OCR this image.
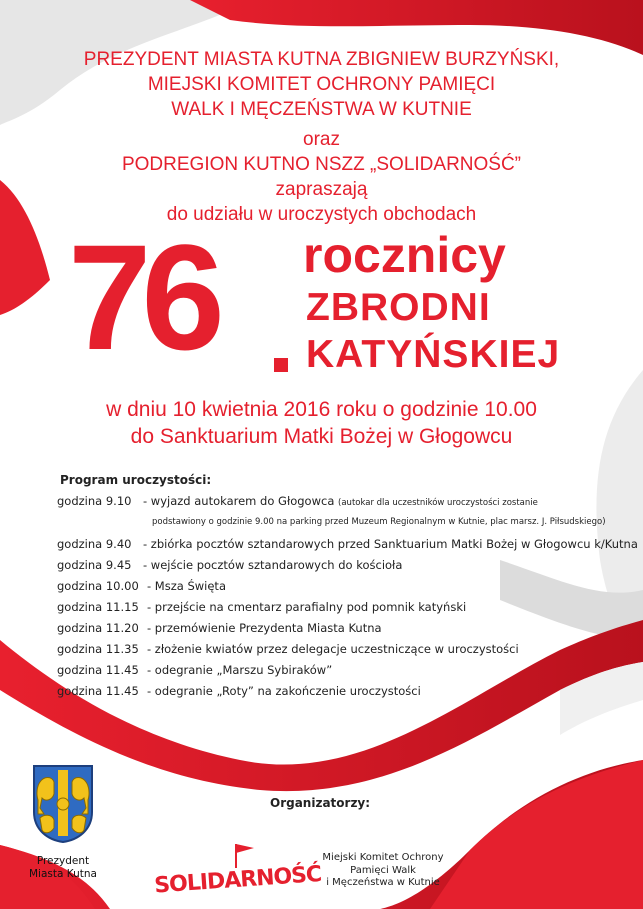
PREZYDENT MIASTA KUTNA ZBIGNIEW BURZYŃSKI,
MIEJSKI KOMITET OCHRONY PAMIĘCI
WALK I MĘCZEŃSTWA W KUTNIE
oraz
PODREGION KUTNO NSZZ „SOLIDARNOŚĆ”
zapraszają
do udziału w uroczystych obchodach
76 rocznicy
ZBRODNI
KATYŃSKIEJ
w dniu 10 kwietnia 2016 roku o godzinie 10.00
do Sanktuarium Matki Bożej w Głogowcu
Program uroczystości:
godzina 9.10 - wyjazd autokarem do Głogowca (autokar dla uczestników uroczystości zostanie
podstawiony o godzinie 9.00 na parking przed Muzeum Regionalnym w Kutnie, plac marsz. J. Piłsudskiego)
godzina 9.40 - zbiórka pocztów sztandarowych przed Sanktuarium Matki Bożej w Głogowcu k/Kutna
godzina 9.45 - wejście pocztów sztandarowych do kościoła
godzina 10.00 - Msza Święta
godzina 11.15 - przejście na cmentarz parafialny pod pomnik katyński
godzina 11.20 - przemówienie Prezydenta Miasta Kutna
godzina 11.35 - złożenie kwiatów przez delegacje uczestniczące w uroczystości
godzina 11.45 - odegranie „Marszu Sybiraków”
godzina 11.45 - odegranie „Roty” na zakończenie uroczystości
Organizatorzy:
Prezydent
Miasta Kutna	SOLIDARNOŚĆ
Miejski Komitet Ochrony
Pamięci Walk
i Męczeństwa w Kutnie
